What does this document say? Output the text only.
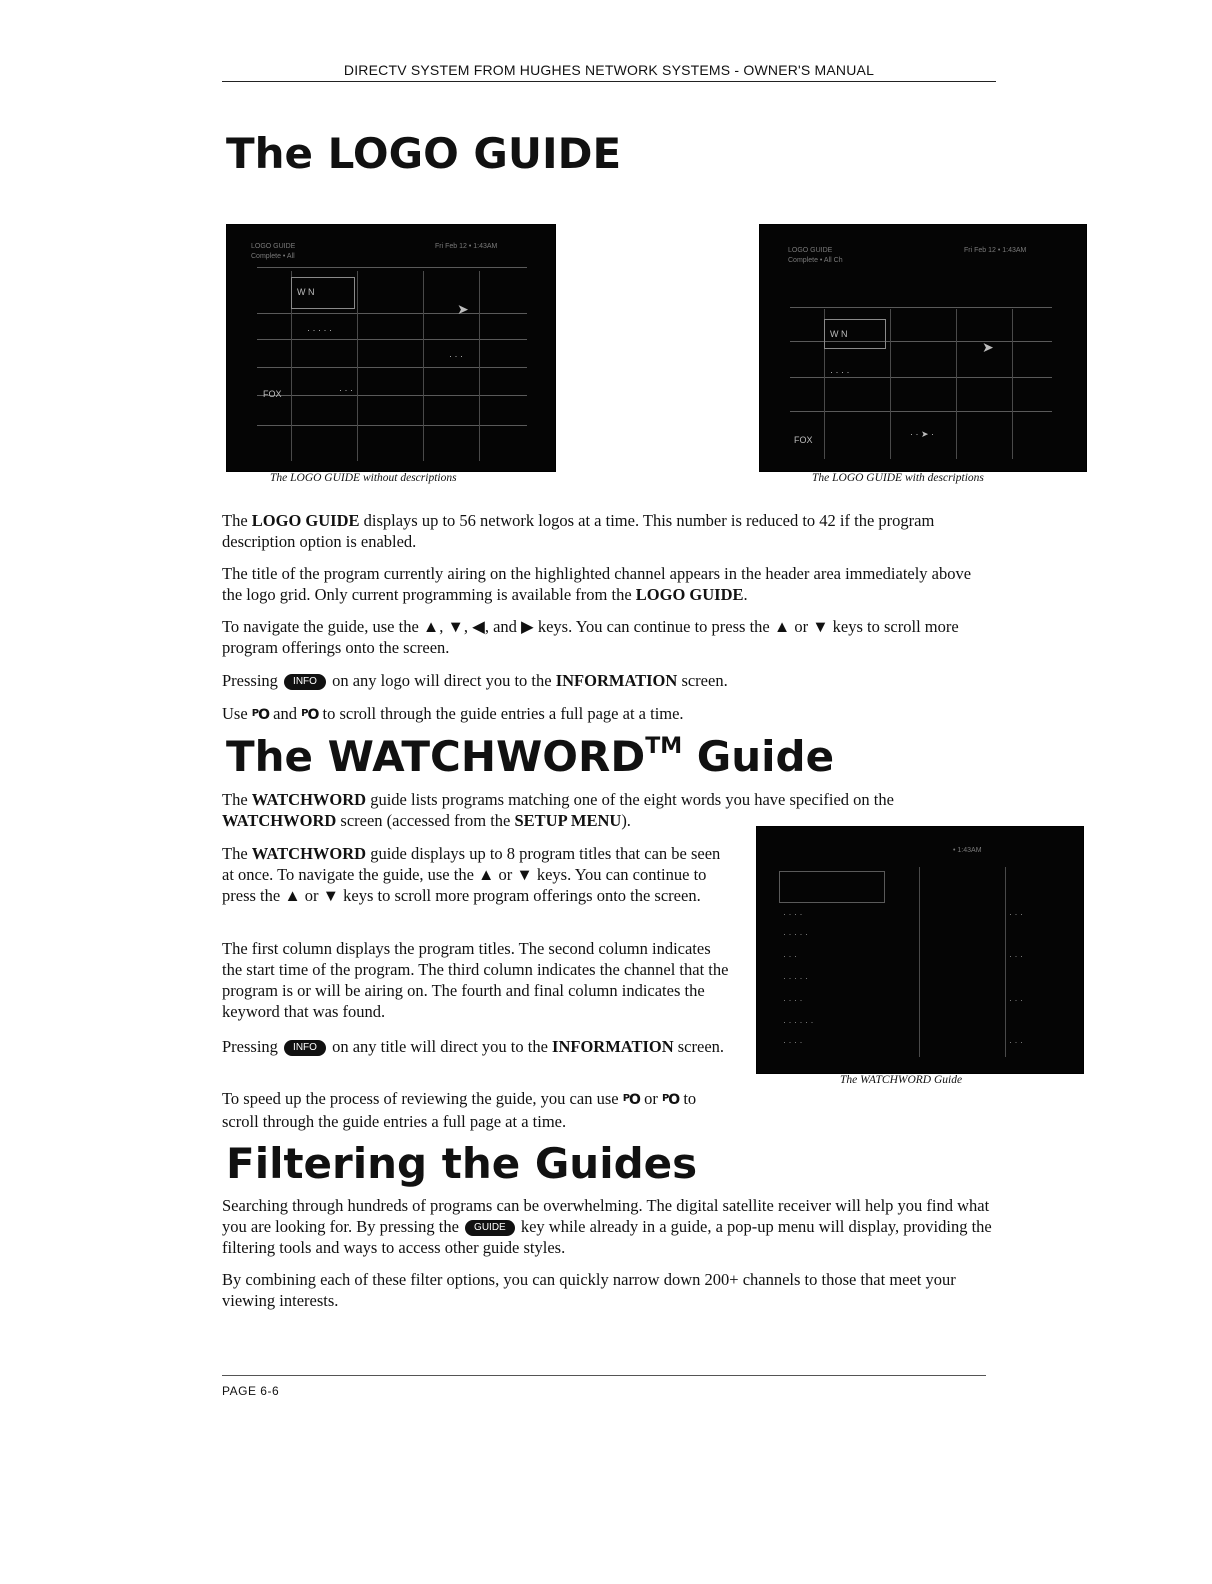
DIRECTV SYSTEM FROM HUGHES NETWORK SYSTEMS - OWNER'S MANUAL
The LOGO GUIDE
LOGO GUIDE
Complete • All
Fri Feb 12 • 1:43AM
W N
➤
· · · · ·
· · ·
FOX	· · ·
The LOGO GUIDE without descriptions
LOGO GUIDE
Complete • All Ch
Fri Feb 12 • 1:43AM
W N
➤
· · · ·
FOX
· · ➤ ·
The LOGO GUIDE with descriptions

The LOGO GUIDE displays up to 56 network logos at a time. This number is reduced to 42 if the program description option is enabled.

The title of the program currently airing on the highlighted channel appears in the header area immediately above the logo grid. Only current programming is available from the LOGO GUIDE.

To navigate the guide, use the ▲, ▼, ◀, and ▶ keys. You can continue to press the ▲ or ▼ keys to scroll more program offerings onto the screen.

Pressing INFO on any logo will direct you to the INFORMATION screen.

Use $^P$O and $^P$O to scroll through the guide entries a full page at a time.

The WATCHWORD™ Guide

The WATCHWORD guide lists programs matching one of the eight words you have specified on the WATCHWORD screen (accessed from the SETUP MENU).

• 1:43AM
· · · ·
· · · · ·
· · ·
· · · · ·
· · · ·
· · · · · ·
· · · ·
· · ·
· · ·
· · ·
· · ·
The WATCHWORD Guide

The WATCHWORD guide displays up to 8 program titles that can be seen at once. To navigate the guide, use the ▲ or ▼ keys. You can continue to press the ▲ or ▼ keys to scroll more program offerings onto the screen.

The first column displays the program titles. The second column indicates the start time of the program. The third column indicates the channel that the program is or will be airing on. The fourth and final column indicates the keyword that was found.

Pressing INFO on any title will direct you to the INFORMATION screen.

To speed up the process of reviewing the guide, you can use $^P$O or $^P$O to scroll through the guide entries a full page at a time.

Filtering the Guides

Searching through hundreds of programs can be overwhelming. The digital satellite receiver will help you find what you are looking for. By pressing the GUIDE key while already in a guide, a pop-up menu will display, providing the filtering tools and ways to access other guide styles.

By combining each of these filter options, you can quickly narrow down 200+ channels to those that meet your viewing interests.

PAGE 6-6
